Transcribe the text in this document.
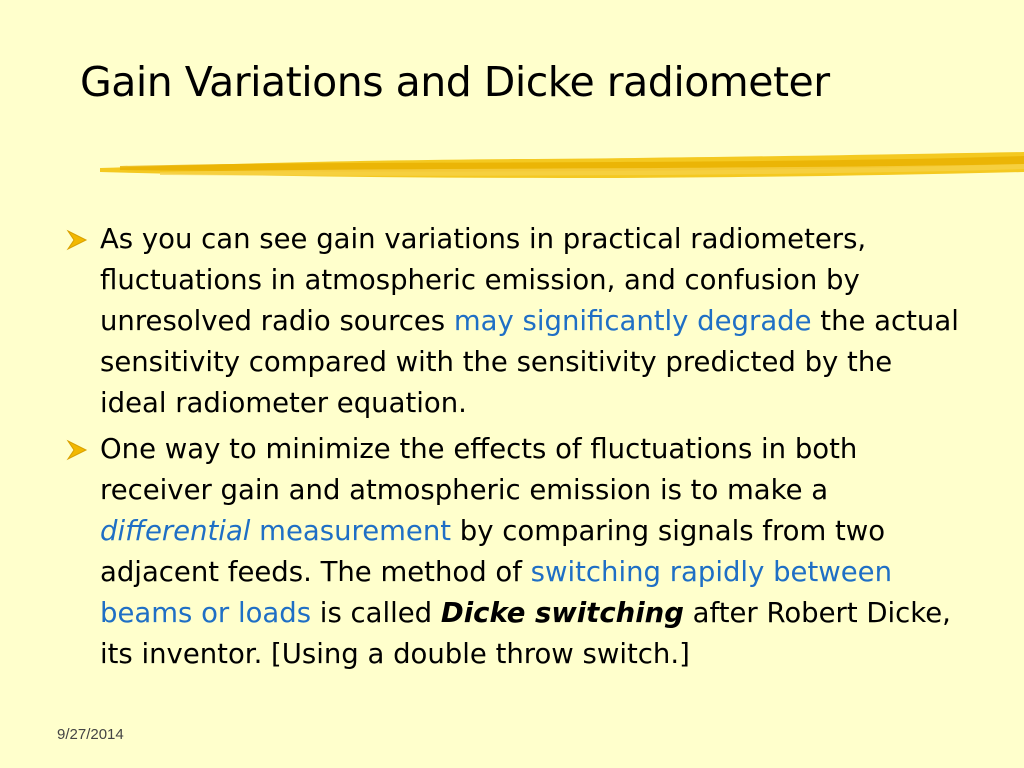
Gain Variations and Dicke radiometer
As you can see gain variations in practical radiometers, fluctuations in atmospheric emission, and confusion by unresolved radio sources may significantly degrade the actual sensitivity compared with the sensitivity predicted by the ideal radiometer equation.
One way to minimize the effects of fluctuations in both receiver gain and atmospheric emission is to make a differential measurement by comparing signals from two adjacent feeds. The method of switching rapidly between beams or loads is called Dicke switching after Robert Dicke, its inventor. [Using a double throw switch.]
9/27/2014
